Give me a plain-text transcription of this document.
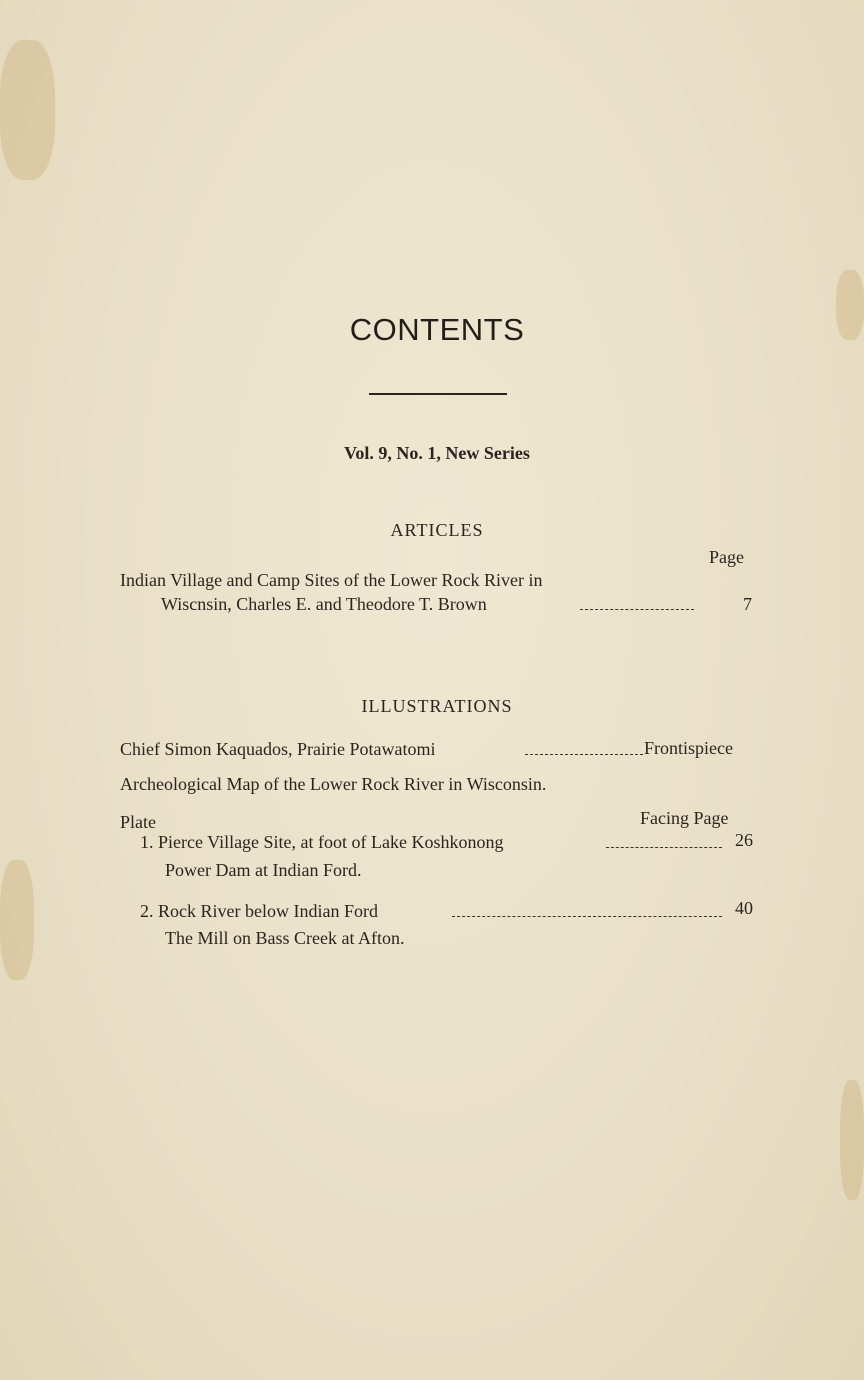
CONTENTS
Vol. 9, No. 1, New Series
ARTICLES
Page
Indian Village and Camp Sites of the Lower Rock River in
Wiscnsin, Charles E. and Theodore T. Brown	7
ILLUSTRATIONS
Chief Simon Kaquados, Prairie Potawatomi	Frontispiece
Archeological Map of the Lower Rock River in Wisconsin.
Plate	Facing Page
1. Pierce Village Site, at foot of Lake Koshkonong	26
Power Dam at Indian Ford.
2. Rock River below Indian Ford	40
The Mill on Bass Creek at Afton.
